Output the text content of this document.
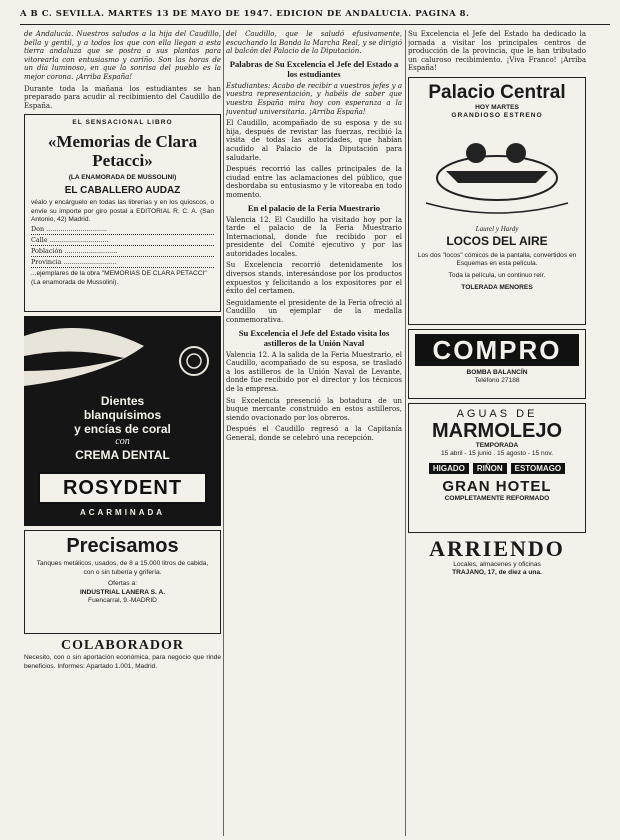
A B C. SEVILLA. MARTES 13 DE MAYO DE 1947. EDICION DE ANDALUCIA. PAGINA 8.

de Andalucía. Nuestros saludos a la hija del Caudillo, bella y gentil, y a todos los que con ella llegan a esta tierra andaluza que se postra a sus plantas para vitorearla con entusiasmo y cariño. Son las horas de un día luminoso, en que la sonrisa del pueblo es la mejor corona. ¡Arriba España!

Durante toda la mañana los estudiantes se han preparado para acudir al recibimiento del Caudillo de España.

EL SENSACIONAL LIBRO
«Memorias de Clara Petacci»
(LA ENAMORADA DE MUSSOLINI)
EL CABALLERO AUDAZ
véalo y encárguelo en todas las librerías y en los quioscos, o envíe su importe por giro postal a EDITORIAL R. C. A. (San Antonio, 42) Madrid.
Don ..............................
Calle .............................
Población ..........................
Provincia ..........................
...ejemplares de la obra "MEMORIAS DE CLARA PETACCI" (La enamorada de Mussolini).
Dientes
blanquísimos
y encías de coral
con
CREMA DENTAL
ROSYDENT
ACARMINADA
Precisamos
Tanques metálicos, usados, de 8 a 15.000 litros de cabida, con o sin tubería y grifería.
Ofertas a:
INDUSTRIAL LANERA S. A.
Fuencarral, 9.-MADRID
COLABORADOR
Necesito, con o sin aportación económica, para negocio que rinde beneficios. Informes: Apartado 1.001, Madrid.

del Caudillo, que le saludó efusivamente, escuchando la Banda la Marcha Real, y se dirigió al balcón del Palacio de la Diputación.

Palabras de Su Excelencia el Jefe del Estado a los estudiantes

Estudiantes: Acabo de recibir a vuestros jefes y a vuestra representación, y habéis de saber que vuestra España mira hoy con esperanza a la juventud universitaria. ¡Arriba España!

El Caudillo, acompañado de su esposa y de su hija, después de revistar las fuerzas, recibió la visita de todas las autoridades, que habían acudido al Palacio de la Diputación para saludarle.

Después recorrió las calles principales de la ciudad entre las aclamaciones del público, que desbordaba su entusiasmo y le vitoreaba en todo momento.

En el palacio de la Feria Muestrario

Valencia 12. El Caudillo ha visitado hoy por la tarde el palacio de la Feria Muestrario Internacional, donde fue recibido por el presidente del Comité ejecutivo y por las autoridades locales.

Su Excelencia recorrió detenidamente los diversos stands, interesándose por los productos expuestos y felicitando a los expositores por el éxito del certamen.

Seguidamente el presidente de la Feria ofreció al Caudillo un ejemplar de la medalla conmemorativa.

Su Excelencia el Jefe del Estado visita los astilleros de la Unión Naval

Valencia 12. A la salida de la Feria Muestrario, el Caudillo, acompañado de su esposa, se trasladó a los astilleros de la Unión Naval de Levante, donde fue recibido por el director y los técnicos de la empresa.

Su Excelencia presenció la botadura de un buque mercante construido en estos astilleros, siendo ovacionado por los obreros.

Después el Caudillo regresó a la Capitanía General, donde se celebró una recepción.

Su Excelencia el Jefe del Estado ha dedicado la jornada a visitar los principales centros de producción de la provincia, que le han tributado un caluroso recibimiento. ¡Viva Franco! ¡Arriba España!

Palacio Central
HOY MARTES
GRANDIOSO ESTRENO
Laurel y Hardy
LOCOS DEL AIRE
Los dos "locos" cómicos de la pantalla, convertidos en Esquemas en esta película.
Toda la película, un continuo reír.
TOLERADA MENORES
COMPRO
BOMBA BALANCÍN
Teléfono 27188
AGUAS DE
MARMOLEJO
TEMPORADA
15 abril - 15 junio . 15 agosto - 15 nov.
HIGADO	RIÑON	ESTOMAGO
GRAN HOTEL
COMPLETAMENTE REFORMADO
ARRIENDO
Locales, almacenes y oficinas
TRAJANO, 17, de diez a una.
